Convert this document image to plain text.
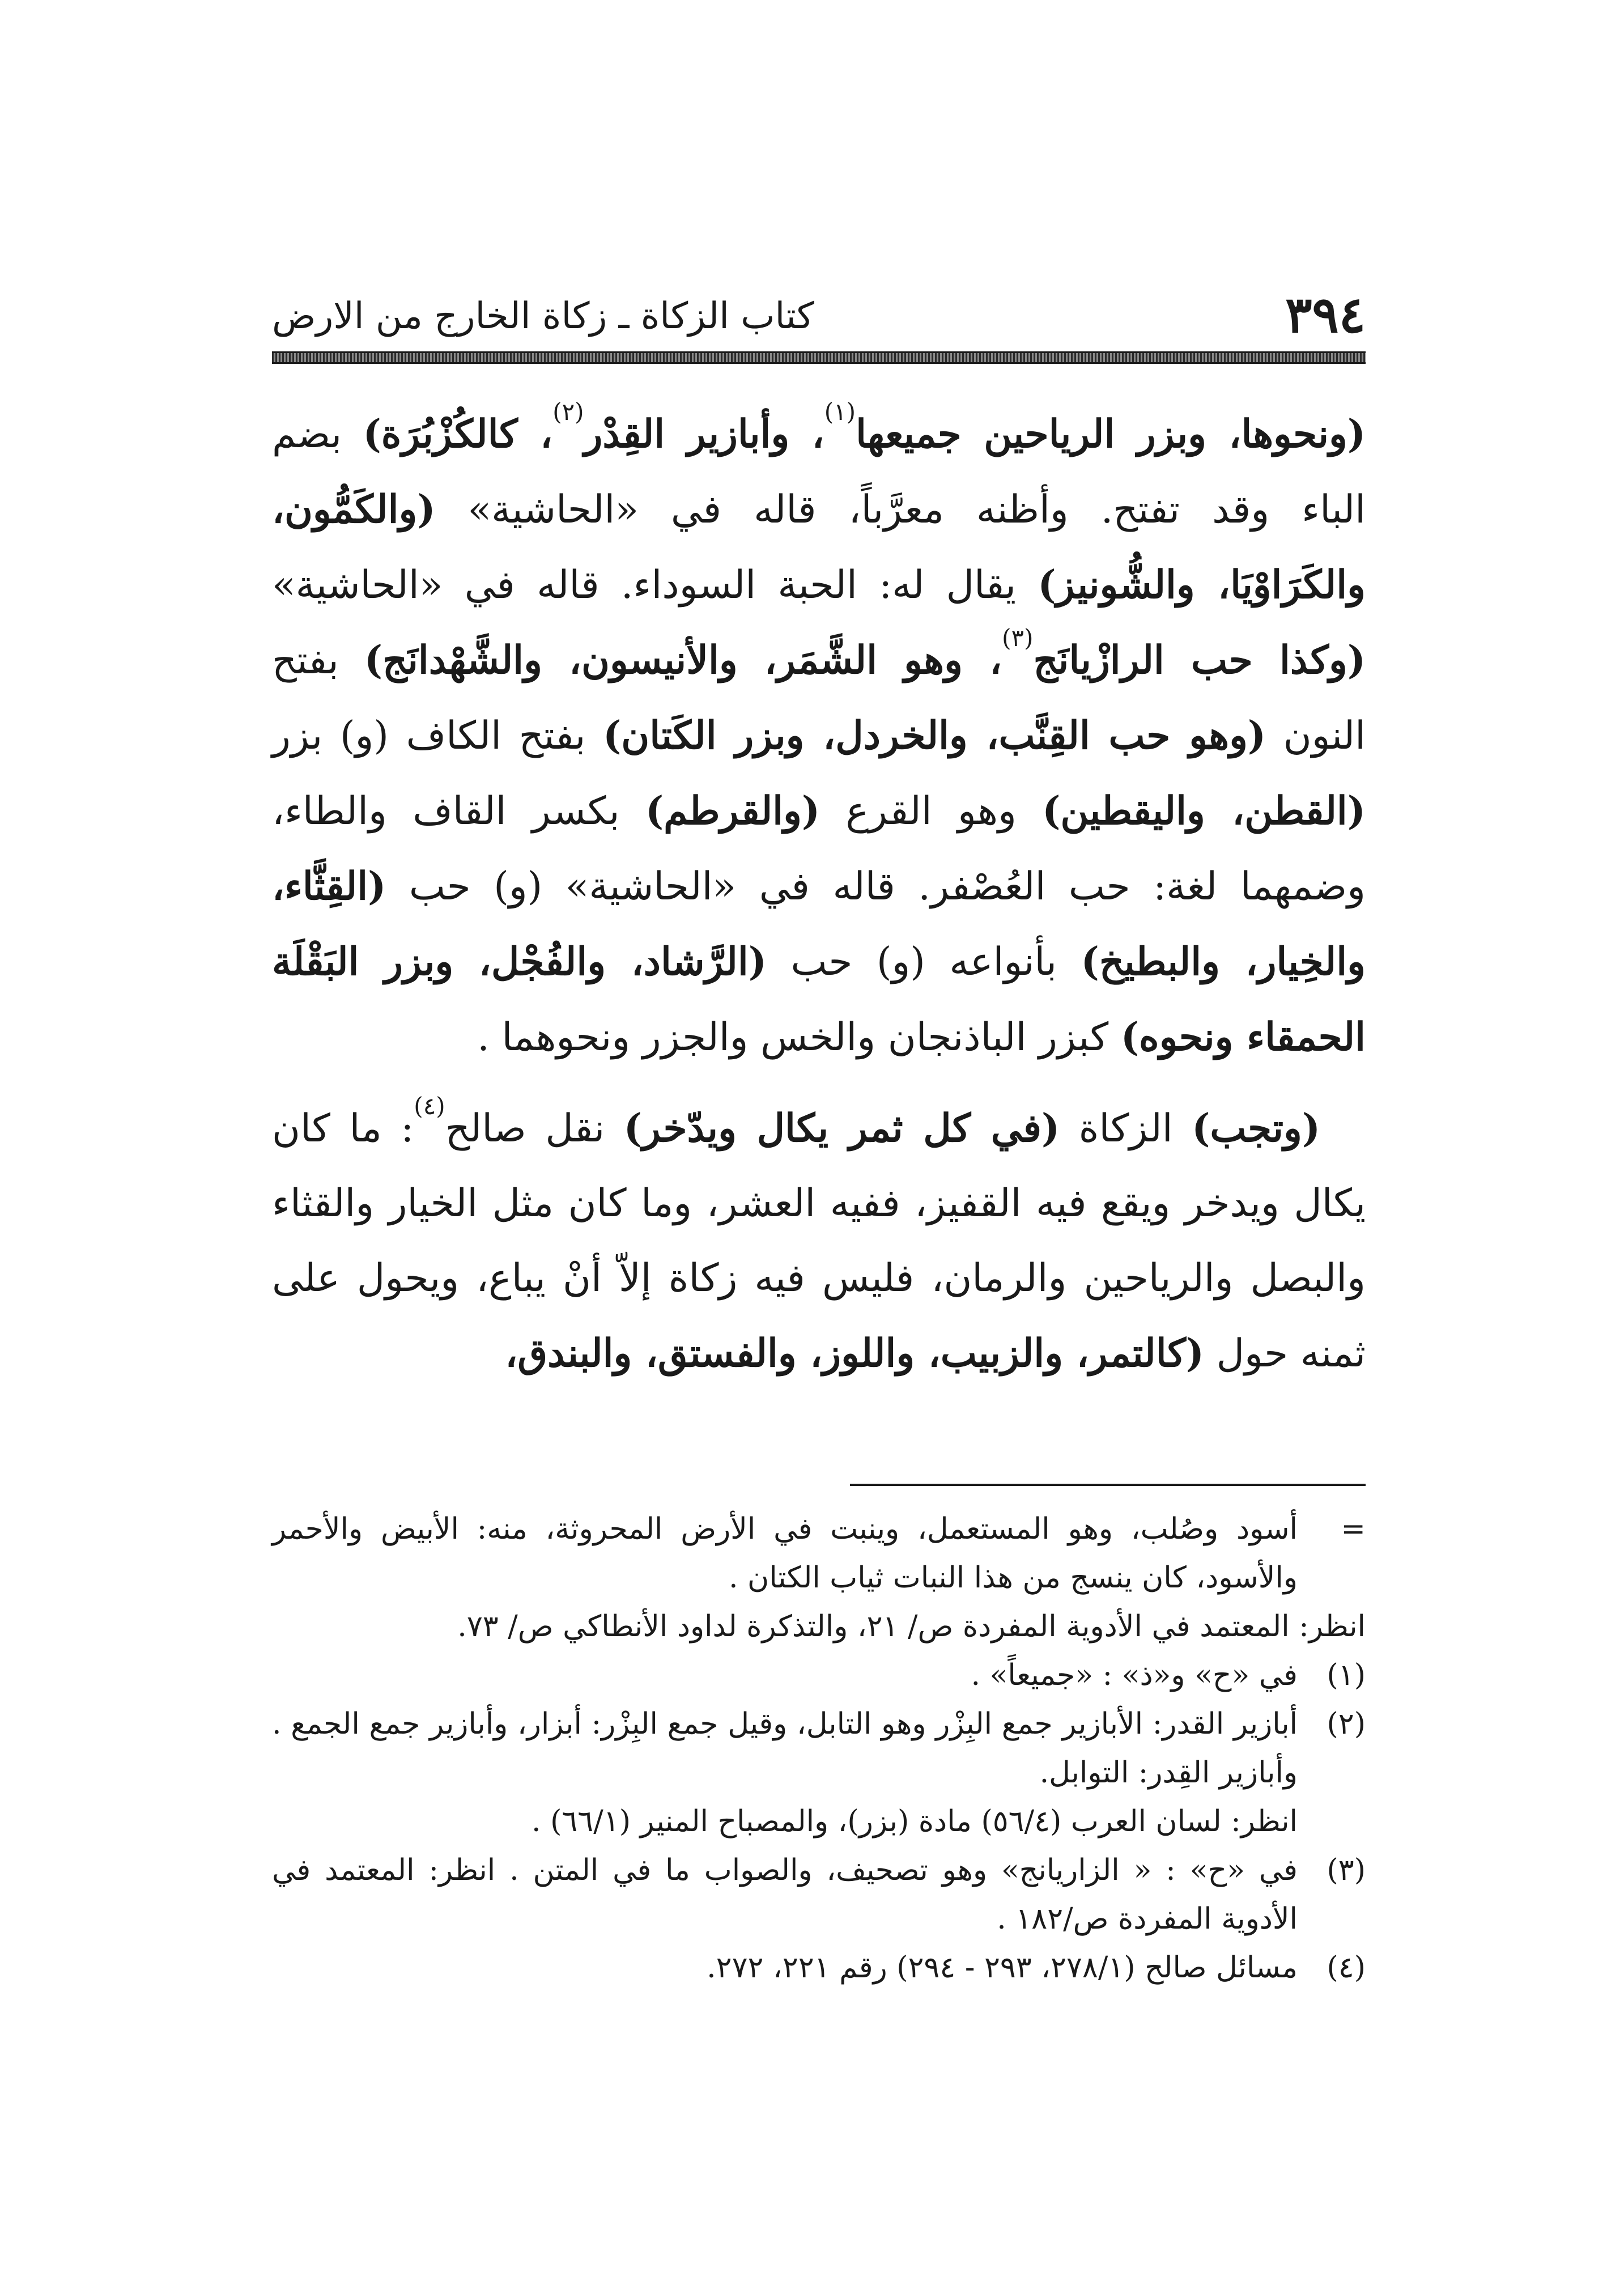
٣٩٤
كتاب الزكاة ـ زكاة الخارج من الارض

(ونحوها، وبزر الرياحين جميعها$^{(١)}$، وأبازير القِدْر$^{(٢)}$، كالكُزْبُرَة) بضم الباء وقد تفتح. وأظنه معرَّباً، قاله في «الحاشية» (والكَمُّون، والكَرَاوْيَا، والشُّونيز) يقال له: الحبة السوداء. قاله في «الحاشية» (وكذا حب الرازْيانَج$^{(٣)}$، وهو الشَّمَر، والأنيسون، والشَّهْدانَج) بفتح النون (وهو حب القِنَّب، والخردل، وبزر الكَتان) بفتح الكاف (و) بزر (القطن، واليقطين) وهو القرع (والقرطم) بكسر القاف والطاء، وضمهما لغة: حب العُصْفر. قاله في «الحاشية» (و) حب (القِثَّاء، والخِيار، والبطيخ) بأنواعه (و) حب (الرَّشاد، والفُجْل، وبزر البَقْلَة الحمقاء ونحوه) كبزر الباذنجان والخس والجزر ونحوهما .

(وتجب) الزكاة (في كل ثمر يكال ويدّخر) نقل صالح$^{(٤)}$: ما كان يكال ويدخر ويقع فيه القفيز، ففيه العشر، وما كان مثل الخيار والقثاء والبصل والرياحين والرمان، فليس فيه زكاة إلاّ أنْ يباع، ويحول على ثمنه حول (كالتمر، والزبيب، واللوز، والفستق، والبندق،

=
أسود وصُلب، وهو المستعمل، وينبت في الأرض المحروثة، منه: الأبيض والأحمر والأسود، كان ينسج من هذا النبات ثياب الكتان .
انظر: المعتمد في الأدوية المفردة ص/ ٢١، والتذكرة لداود الأنطاكي ص/ ٧٣.
(١)
في «ح» و«ذ» : «جميعاً» .
(٢)
أبازير القدر: الأبازير جمع البِزْر وهو التابل، وقيل جمع البِزْر: أبزار، وأبازير جمع الجمع . وأبازير القِدر: التوابل.
انظر: لسان العرب (٥٦/٤) مادة (بزر)، والمصباح المنير (٦٦/١) .
(٣)
في «ح» : « الزاريانج» وهو تصحيف، والصواب ما في المتن . انظر: المعتمد في الأدوية المفردة ص/١٨٢ .
(٤)
مسائل صالح (٢٧٨/١، ٢٩٣ - ٢٩٤) رقم ٢٢١، ٢٧٢.
